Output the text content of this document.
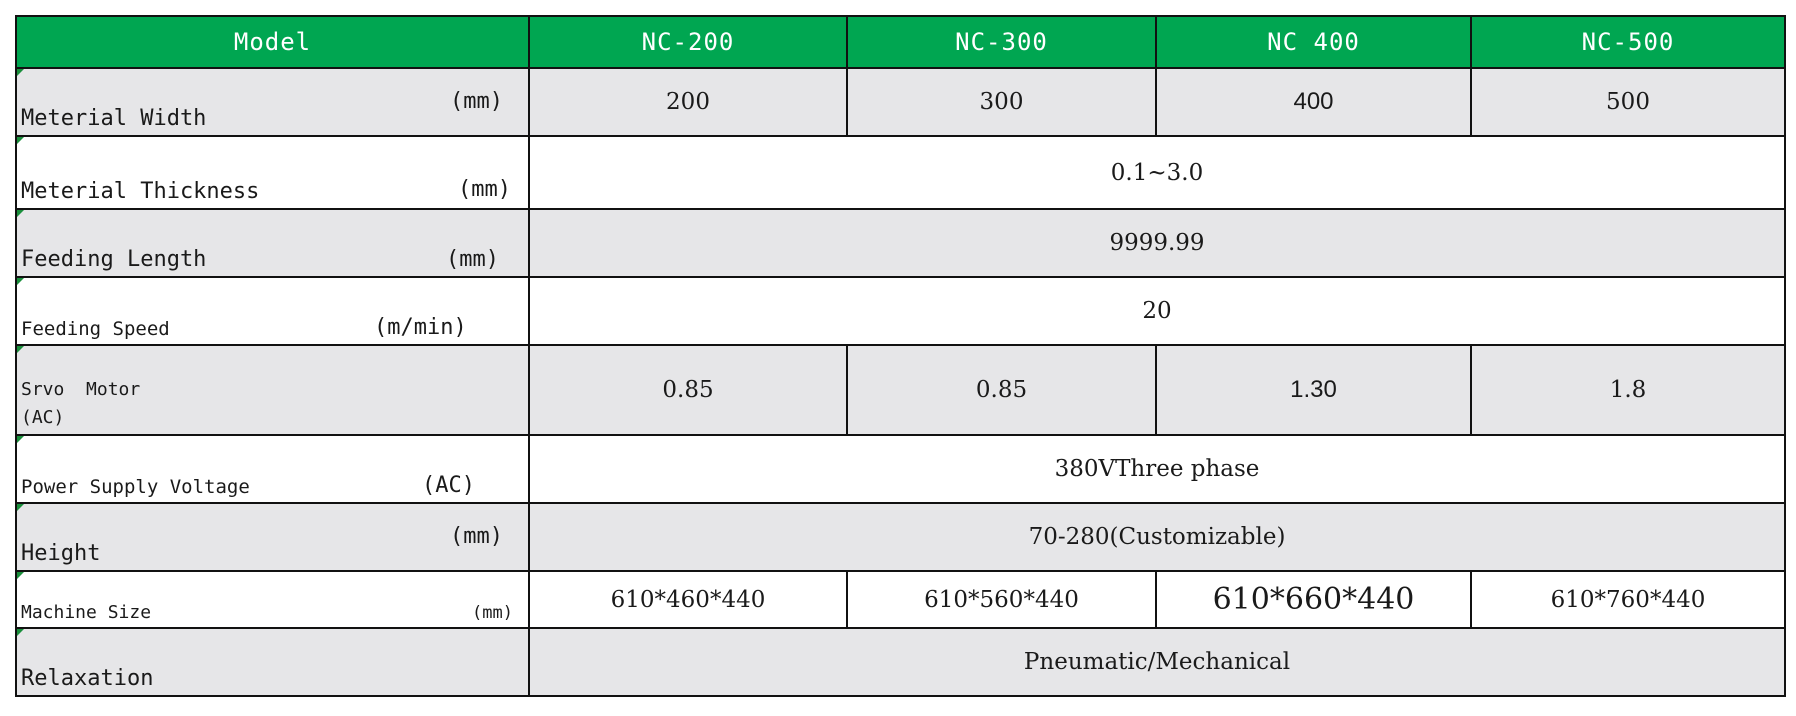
Model	NC-200	NC-300	NC 400	NC-500

Meterial Width
(mm)	200	300	400	500

Meterial Thickness (mm)	0.1~3.0			

Feeding Length (mm)	9999.99			

Feeding Speed (m/min)	20			

Srvo  Motor
(AC)	0.85	0.85	1.30	1.8

Power Supply Voltage (AC)	380VThree phase			

Height
(mm)	70-280(Customizable)			

Machine Size (mm)	610*460*440	610*560*440	610*660*440	610*760*440

Relaxation	Pneumatic/Mechanical			
